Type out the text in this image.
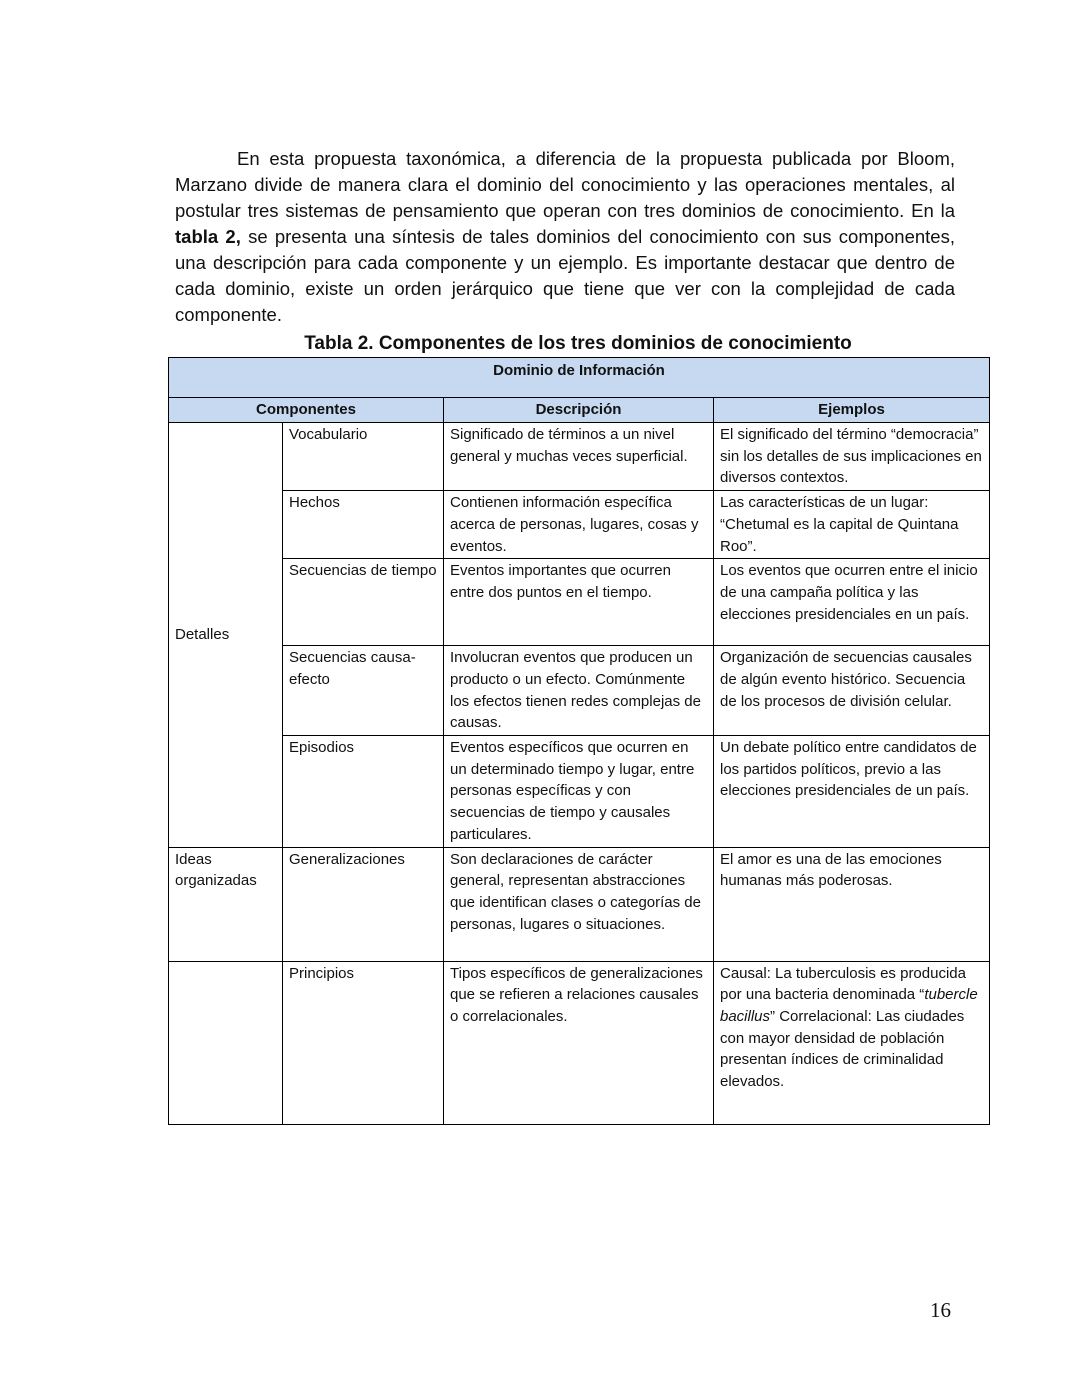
En esta propuesta taxonómica, a diferencia de la propuesta publicada por Bloom, Marzano divide de manera clara el dominio del conocimiento y las operaciones mentales, al postular tres sistemas de pensamiento que operan con tres dominios de conocimiento. En la tabla 2, se presenta una síntesis de tales dominios del conocimiento con sus componentes, una descripción para cada componente y un ejemplo. Es importante destacar que dentro de cada dominio, existe un orden jerárquico que tiene que ver con la complejidad de cada componente.

Tabla 2. Componentes de los tres dominios de conocimiento
Dominio de Información			
Componentes		Descripción	Ejemplos
Detalles	Vocabulario	Significado de términos a un nivel general y muchas veces superficial.	El significado del término “democracia” sin los detalles de sus implicaciones en diversos contextos.
	Hechos	Contienen información específica acerca de personas, lugares, cosas y eventos.	Las características de un lugar: “Chetumal es la capital de Quintana Roo”.
	Secuencias de tiempo	Eventos importantes que ocurren entre dos puntos en el tiempo.	Los eventos que ocurren entre el inicio de una campaña política y las elecciones presidenciales en un país.
	Secuencias causa-efecto	Involucran eventos que producen un producto o un efecto. Comúnmente los efectos tienen redes complejas de causas.	Organización de secuencias causales de algún evento histórico. Secuencia de los procesos de división celular.
	Episodios	Eventos específicos que ocurren en un determinado tiempo y lugar, entre personas específicas y con secuencias de tiempo y causales particulares.	Un debate político entre candidatos de los partidos políticos, previo a las elecciones presidenciales de un país.
Ideas organizadas	Generalizaciones	Son declaraciones de carácter general, representan abstracciones que identifican clases o categorías de personas, lugares o situaciones.	El amor es una de las emociones humanas más poderosas.
	Principios	Tipos específicos de generalizaciones que se refieren a relaciones causales o correlacionales.	Causal: La tuberculosis es producida por una bacteria denominada “tubercle bacillus” Correlacional: Las ciudades con mayor densidad de población presentan índices de criminalidad elevados.
16
